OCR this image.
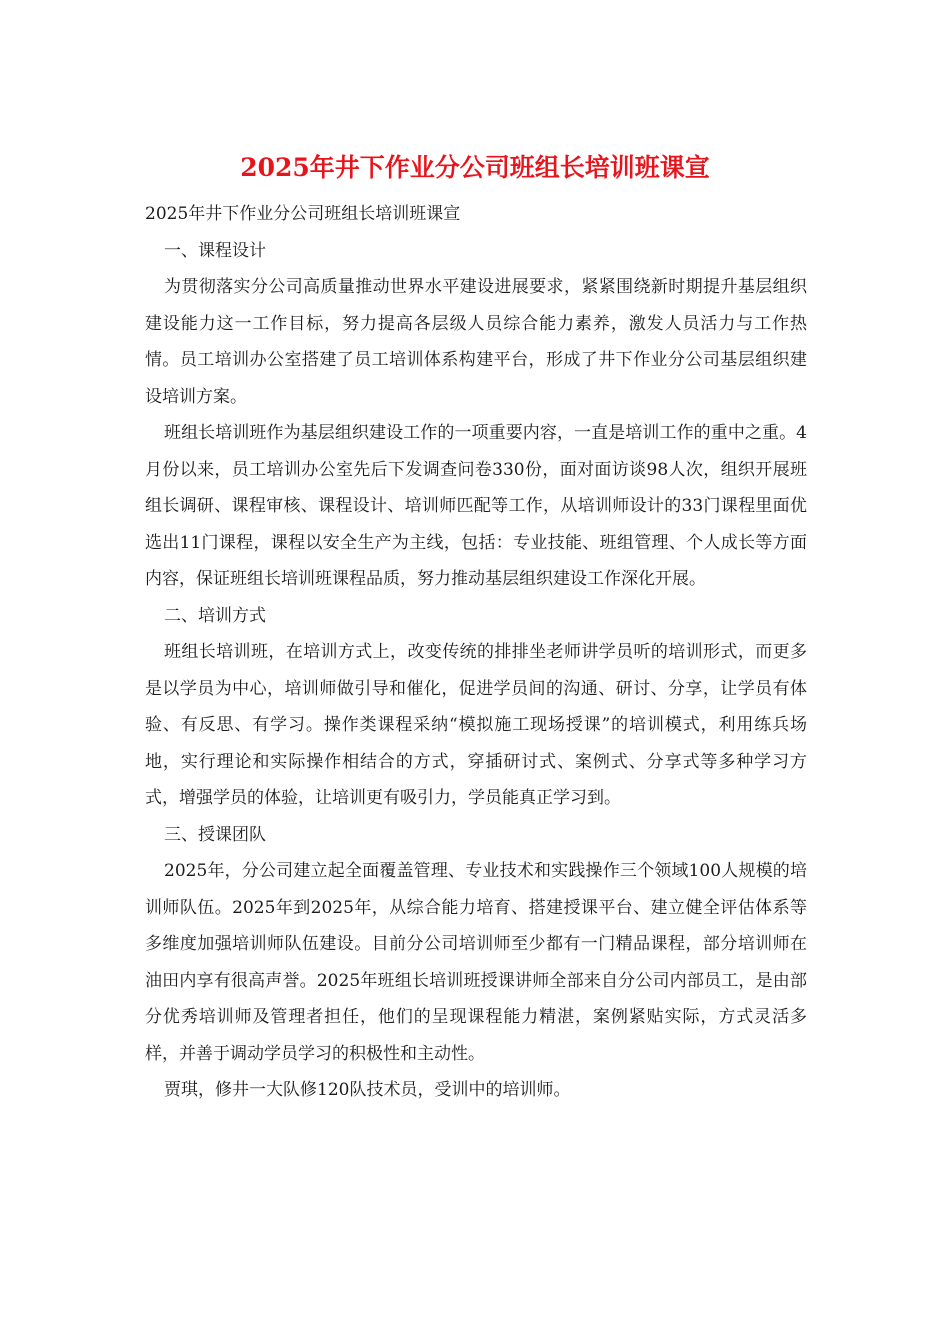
2025年井下作业分公司班组长培训班课宣

2025年井下作业分公司班组长培训班课宣

一、课程设计

为贯彻落实分公司高质量推动世界水平建设进展要求，紧紧围绕新时期提升基层组织建设能力这一工作目标，努力提高各层级人员综合能力素养，激发人员活力与工作热情。员工培训办公室搭建了员工培训体系构建平台，形成了井下作业分公司基层组织建设培训方案。

班组长培训班作为基层组织建设工作的一项重要内容，一直是培训工作的重中之重。4月份以来，员工培训办公室先后下发调查问卷330份，面对面访谈98人次，组织开展班组长调研、课程审核、课程设计、培训师匹配等工作，从培训师设计的33门课程里面优选出11门课程，课程以安全生产为主线，包括：专业技能、班组管理、个人成长等方面内容，保证班组长培训班课程品质，努力推动基层组织建设工作深化开展。

二、培训方式

班组长培训班，在培训方式上，改变传统的排排坐老师讲学员听的培训形式，而更多是以学员为中心，培训师做引导和催化，促进学员间的沟通、研讨、分享，让学员有体验、有反思、有学习。操作类课程采纳“模拟施工现场授课”的培训模式，利用练兵场地，实行理论和实际操作相结合的方式，穿插研讨式、案例式、分享式等多种学习方式，增强学员的体验，让培训更有吸引力，学员能真正学习到。

三、授课团队

2025年，分公司建立起全面覆盖管理、专业技术和实践操作三个领域100人规模的培训师队伍。2025年到2025年，从综合能力培育、搭建授课平台、建立健全评估体系等多维度加强培训师队伍建设。目前分公司培训师至少都有一门精品课程，部分培训师在油田内享有很高声誉。2025年班组长培训班授课讲师全部来自分公司内部员工，是由部分优秀培训师及管理者担任，他们的呈现课程能力精湛，案例紧贴实际，方式灵活多样，并善于调动学员学习的积极性和主动性。

贾琪，修井一大队修120队技术员，受训中的培训师。
